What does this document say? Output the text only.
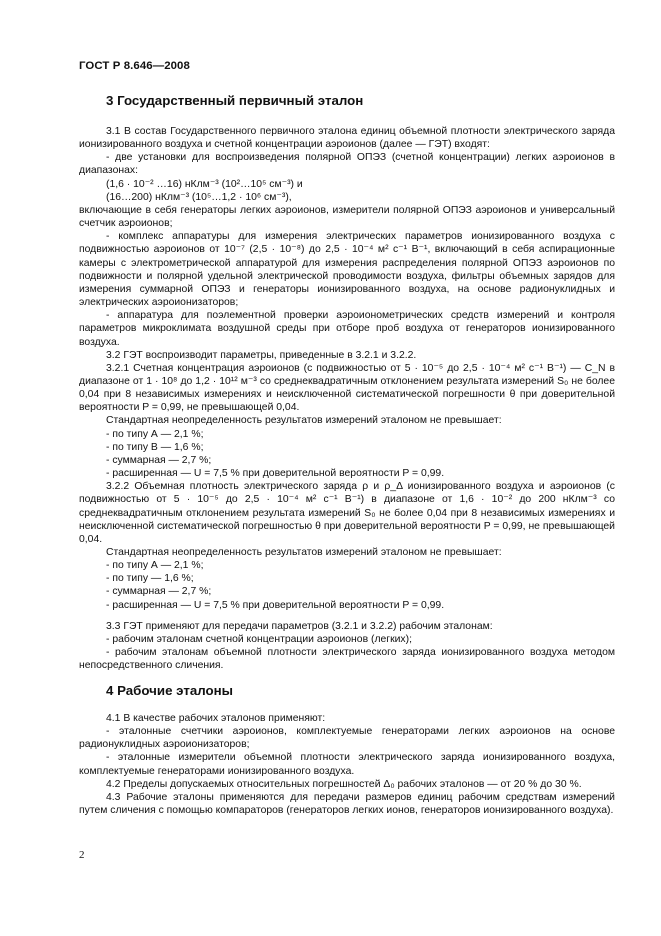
ГОСТ Р 8.646—2008
3 Государственный первичный эталон

3.1 В состав Государственного первичного эталона единиц объемной плотности электрического заряда ионизированного воздуха и счетной концентрации аэроионов (далее — ГЭТ) входят:

- две установки для воспроизведения полярной ОПЭЗ (счетной концентрации) легких аэроионов в диапазонах:

(1,6 · 10⁻² …16) нКлм⁻³ (10²…10⁵ см⁻³) и

(16…200) нКлм⁻³ (10⁵…1,2 · 10⁶ см⁻³),

включающие в себя генераторы легких аэроионов, измерители полярной ОПЭЗ аэроионов и универсальный счетчик аэроионов;

- комплекс аппаратуры для измерения электрических параметров ионизированного воздуха с подвижностью аэроионов от 10⁻⁷ (2,5 · 10⁻⁸) до 2,5 · 10⁻⁴ м² с⁻¹ В⁻¹, включающий в себя аспирационные камеры с электрометрической аппаратурой для измерения распределения полярной ОПЭЗ аэроионов по подвижности и полярной удельной электрической проводимости воздуха, фильтры объемных зарядов для измерения суммарной ОПЭЗ и генераторы ионизированного воздуха, на основе радионуклидных и электрических аэроионизаторов;

- аппаратура для поэлементной проверки аэроионометрических средств измерений и контроля параметров микроклимата воздушной среды при отборе проб воздуха от генераторов ионизированного воздуха.

3.2 ГЭТ воспроизводит параметры, приведенные в 3.2.1 и 3.2.2.

3.2.1 Счетная концентрация аэроионов (с подвижностью от 5 · 10⁻⁵ до 2,5 · 10⁻⁴ м² с⁻¹ В⁻¹) — C_N в диапазоне от 1 · 10⁸ до 1,2 · 10¹² м⁻³ со среднеквадратичным отклонением результата измерений S₀ не более 0,04 при 8 независимых измерениях и неисключенной систематической погрешности θ при доверительной вероятности P = 0,99, не превышающей 0,04.

Стандартная неопределенность результатов измерений эталоном не превышает:

- по типу А — 2,1 %;

- по типу В — 1,6 %;

- суммарная — 2,7 %;

- расширенная — U = 7,5 % при доверительной вероятности P = 0,99.

3.2.2 Объемная плотность электрического заряда ρ и ρ_Δ ионизированного воздуха и аэроионов (с подвижностью от 5 · 10⁻⁵ до 2,5 · 10⁻⁴ м² с⁻¹ В⁻¹) в диапазоне от 1,6 · 10⁻² до 200 нКлм⁻³ со среднеквадратичным отклонением результата измерений S₀ не более 0,04 при 8 независимых измерениях и неисключенной систематической погрешностью θ при доверительной вероятности P = 0,99, не превышающей 0,04.

Стандартная неопределенность результатов измерений эталоном не превышает:

- по типу А — 2,1 %;

- по типу — 1,6 %;

- суммарная — 2,7 %;

- расширенная — U = 7,5 % при доверительной вероятности P = 0,99.

3.3 ГЭТ применяют для передачи параметров (3.2.1 и 3.2.2) рабочим эталонам:

- рабочим эталонам счетной концентрации аэроионов (легких);

- рабочим эталонам объемной плотности электрического заряда ионизированного воздуха методом непосредственного сличения.

4 Рабочие эталоны

4.1 В качестве рабочих эталонов применяют:

- эталонные счетчики аэроионов, комплектуемые генераторами легких аэроионов на основе радионуклидных аэроионизаторов;

- эталонные измерители объемной плотности электрического заряда ионизированного воздуха, комплектуемые генераторами ионизированного воздуха.

4.2 Пределы допускаемых относительных погрешностей Δ₀ рабочих эталонов — от 20 % до 30 %.

4.3 Рабочие эталоны применяются для передачи размеров единиц рабочим средствам измерений путем сличения с помощью компараторов (генераторов легких ионов, генераторов ионизированного воздуха).

2
